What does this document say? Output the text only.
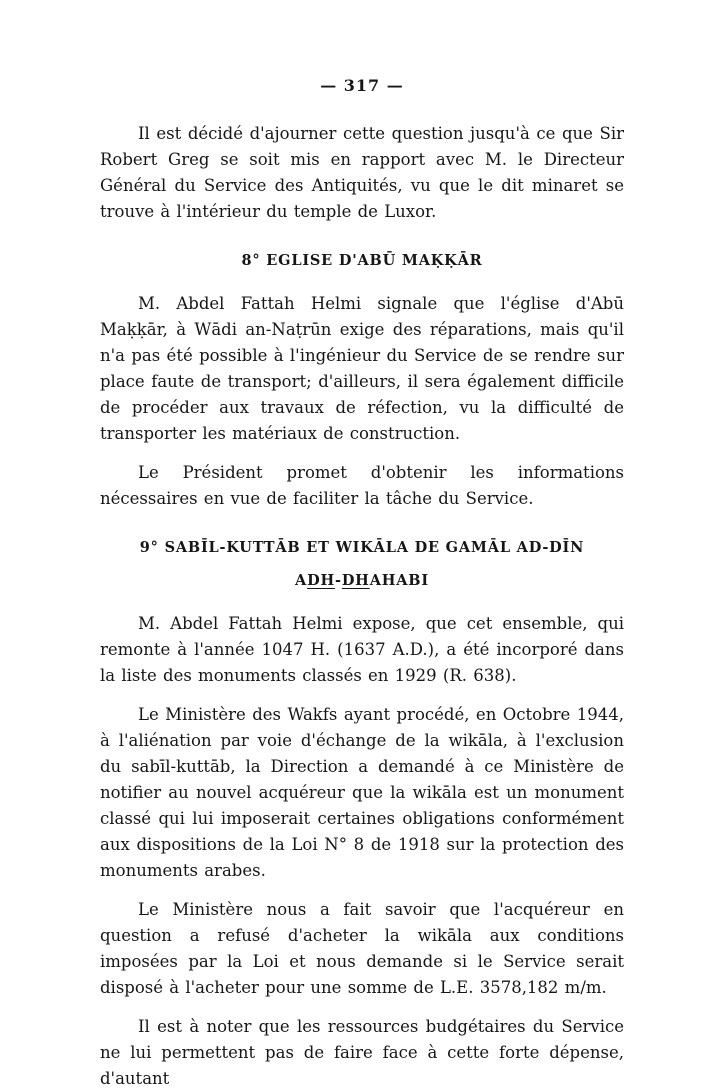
— 317 —

Il est décidé d'ajourner cette question jusqu'à ce que Sir Robert Greg se soit mis en rapport avec M. le Directeur Général du Service des Antiquités, vu que le dit minaret se trouve à l'intérieur du temple de Luxor.

8° EGLISE D'ABŪ MAḲḲĀR

M. Abdel Fattah Helmi signale que l'église d'Abū Maḳḳār, à Wādi an-Naṭrūn exige des réparations, mais qu'il n'a pas été possible à l'ingénieur du Service de se rendre sur place faute de transport; d'ailleurs, il sera également difficile de procéder aux travaux de réfection, vu la difficulté de transporter les matériaux de construction.

Le Président promet d'obtenir les informations nécessaires en vue de faciliter la tâche du Service.

9° SABĪL-KUTTĀB ET WIKĀLA DE GAMĀL AD-DĪN
ADH-DHAHABI

M. Abdel Fattah Helmi expose, que cet ensemble, qui remonte à l'année 1047 H. (1637 A.D.), a été incorporé dans la liste des monuments classés en 1929 (R. 638).

Le Ministère des Wakfs ayant procédé, en Octobre 1944, à l'aliénation par voie d'échange de la wikāla, à l'exclusion du sabīl-kuttāb, la Direction a demandé à ce Ministère de notifier au nouvel acquéreur que la wikāla est un monument classé qui lui imposerait certaines obligations conformément aux dispositions de la Loi N° 8 de 1918 sur la protection des monuments arabes.

Le Ministère nous a fait savoir que l'acquéreur en question a refusé d'acheter la wikāla aux conditions imposées par la Loi et nous demande si le Service serait disposé à l'acheter pour une somme de L.E. 3578,182 m/m.

Il est à noter que les ressources budgétaires du Service ne lui permettent pas de faire face à cette forte dépense, d'autant
